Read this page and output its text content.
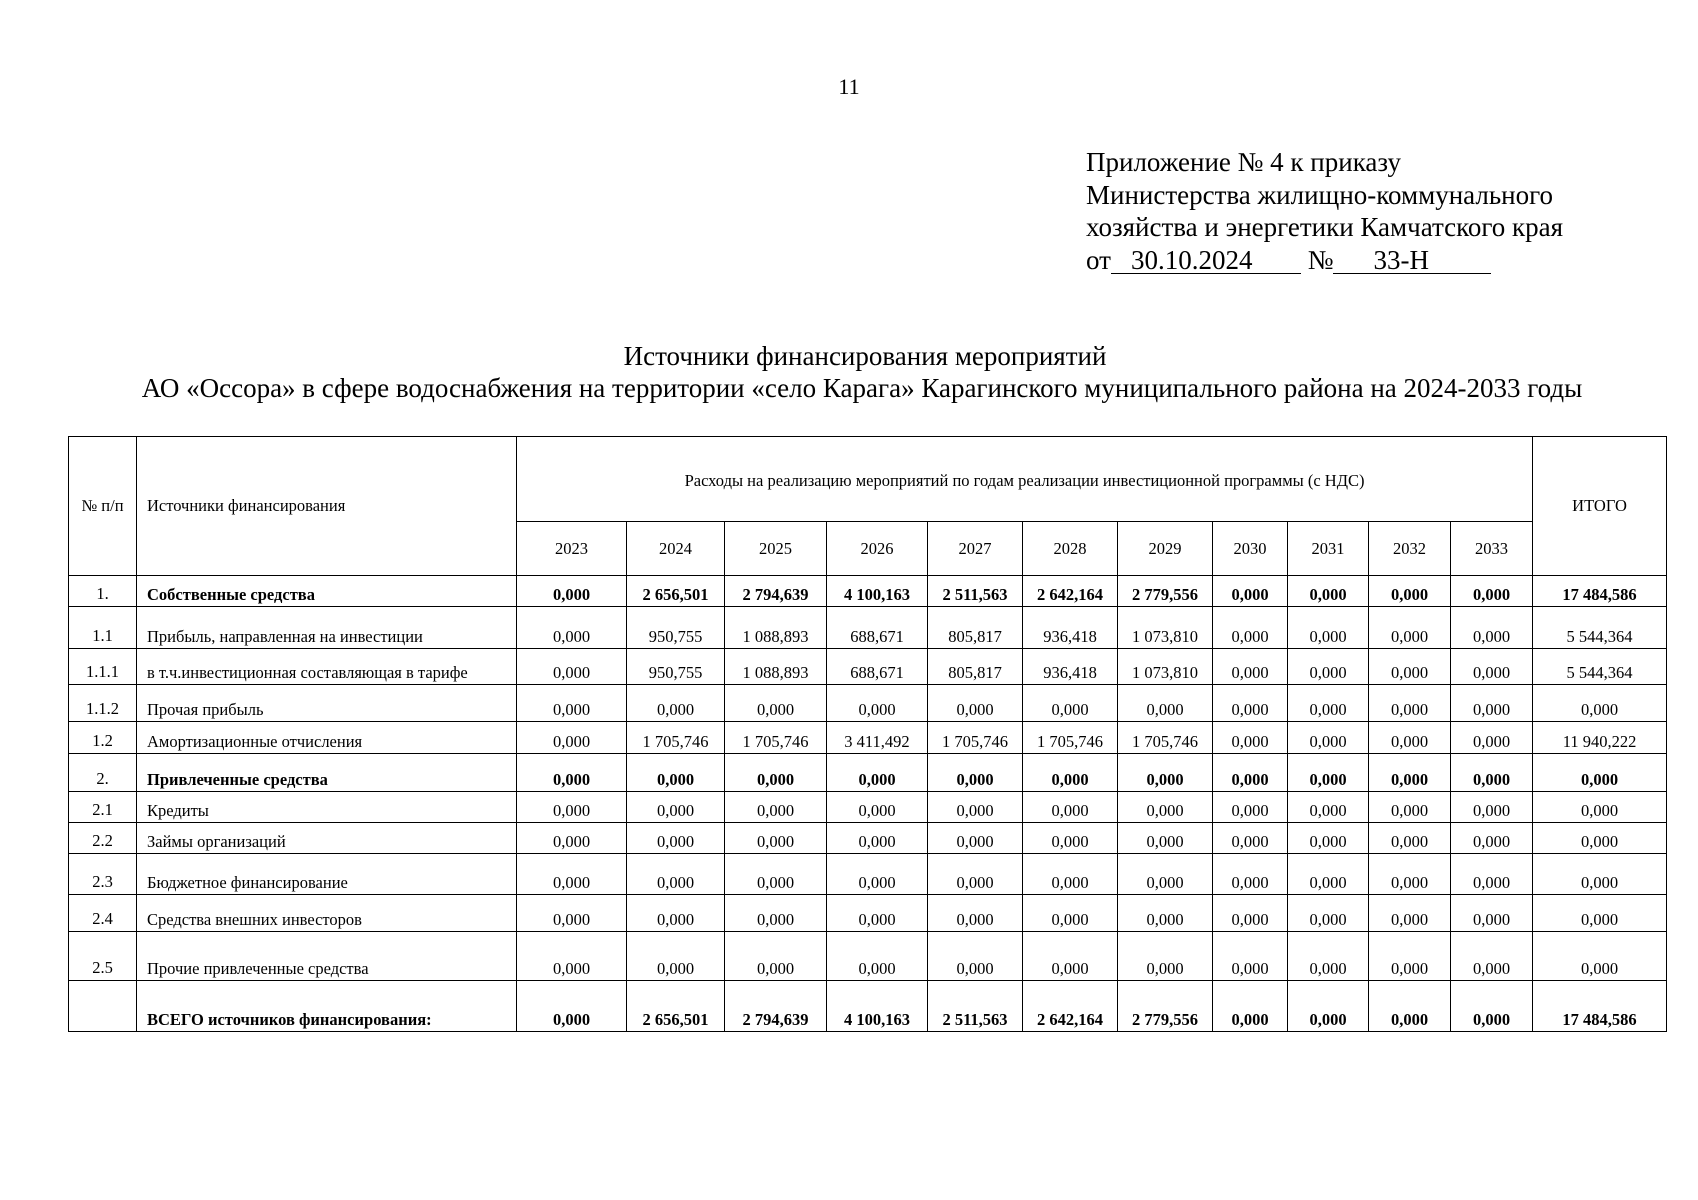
11
Приложение № 4 к приказу
Министерства жилищно-коммунального
хозяйства и энергетики Камчатского края
от 30.10.2024 № 33-Н
Источники финансирования мероприятий
АО «Оссора» в сфере водоснабжения на территории «село Карага» Карагинского муниципального района на 2024-2033 годы
№ п/п	Источники финансирования	Расходы на реализацию мероприятий по годам реализации инвестиционной программы (с НДС)											ИТОГО
		2023	2024	2025	2026	2027	2028	2029	2030	2031	2032	2033	
1.	Собственные средства	0,000	2 656,501	2 794,639	4 100,163	2 511,563	2 642,164	2 779,556	0,000	0,000	0,000	0,000	17 484,586
1.1	Прибыль, направленная на инвестиции	0,000	950,755	1 088,893	688,671	805,817	936,418	1 073,810	0,000	0,000	0,000	0,000	5 544,364
1.1.1	в т.ч.инвестиционная составляющая в тарифе	0,000	950,755	1 088,893	688,671	805,817	936,418	1 073,810	0,000	0,000	0,000	0,000	5 544,364
1.1.2	Прочая прибыль	0,000	0,000	0,000	0,000	0,000	0,000	0,000	0,000	0,000	0,000	0,000	0,000
1.2	Амортизационные отчисления	0,000	1 705,746	1 705,746	3 411,492	1 705,746	1 705,746	1 705,746	0,000	0,000	0,000	0,000	11 940,222
2.	Привлеченные средства	0,000	0,000	0,000	0,000	0,000	0,000	0,000	0,000	0,000	0,000	0,000	0,000
2.1	Кредиты	0,000	0,000	0,000	0,000	0,000	0,000	0,000	0,000	0,000	0,000	0,000	0,000
2.2	Займы организаций	0,000	0,000	0,000	0,000	0,000	0,000	0,000	0,000	0,000	0,000	0,000	0,000
2.3	Бюджетное финансирование	0,000	0,000	0,000	0,000	0,000	0,000	0,000	0,000	0,000	0,000	0,000	0,000
2.4	Средства внешних инвесторов	0,000	0,000	0,000	0,000	0,000	0,000	0,000	0,000	0,000	0,000	0,000	0,000
2.5	Прочие привлеченные средства	0,000	0,000	0,000	0,000	0,000	0,000	0,000	0,000	0,000	0,000	0,000	0,000
	ВСЕГО источников финансирования:	0,000	2 656,501	2 794,639	4 100,163	2 511,563	2 642,164	2 779,556	0,000	0,000	0,000	0,000	17 484,586
